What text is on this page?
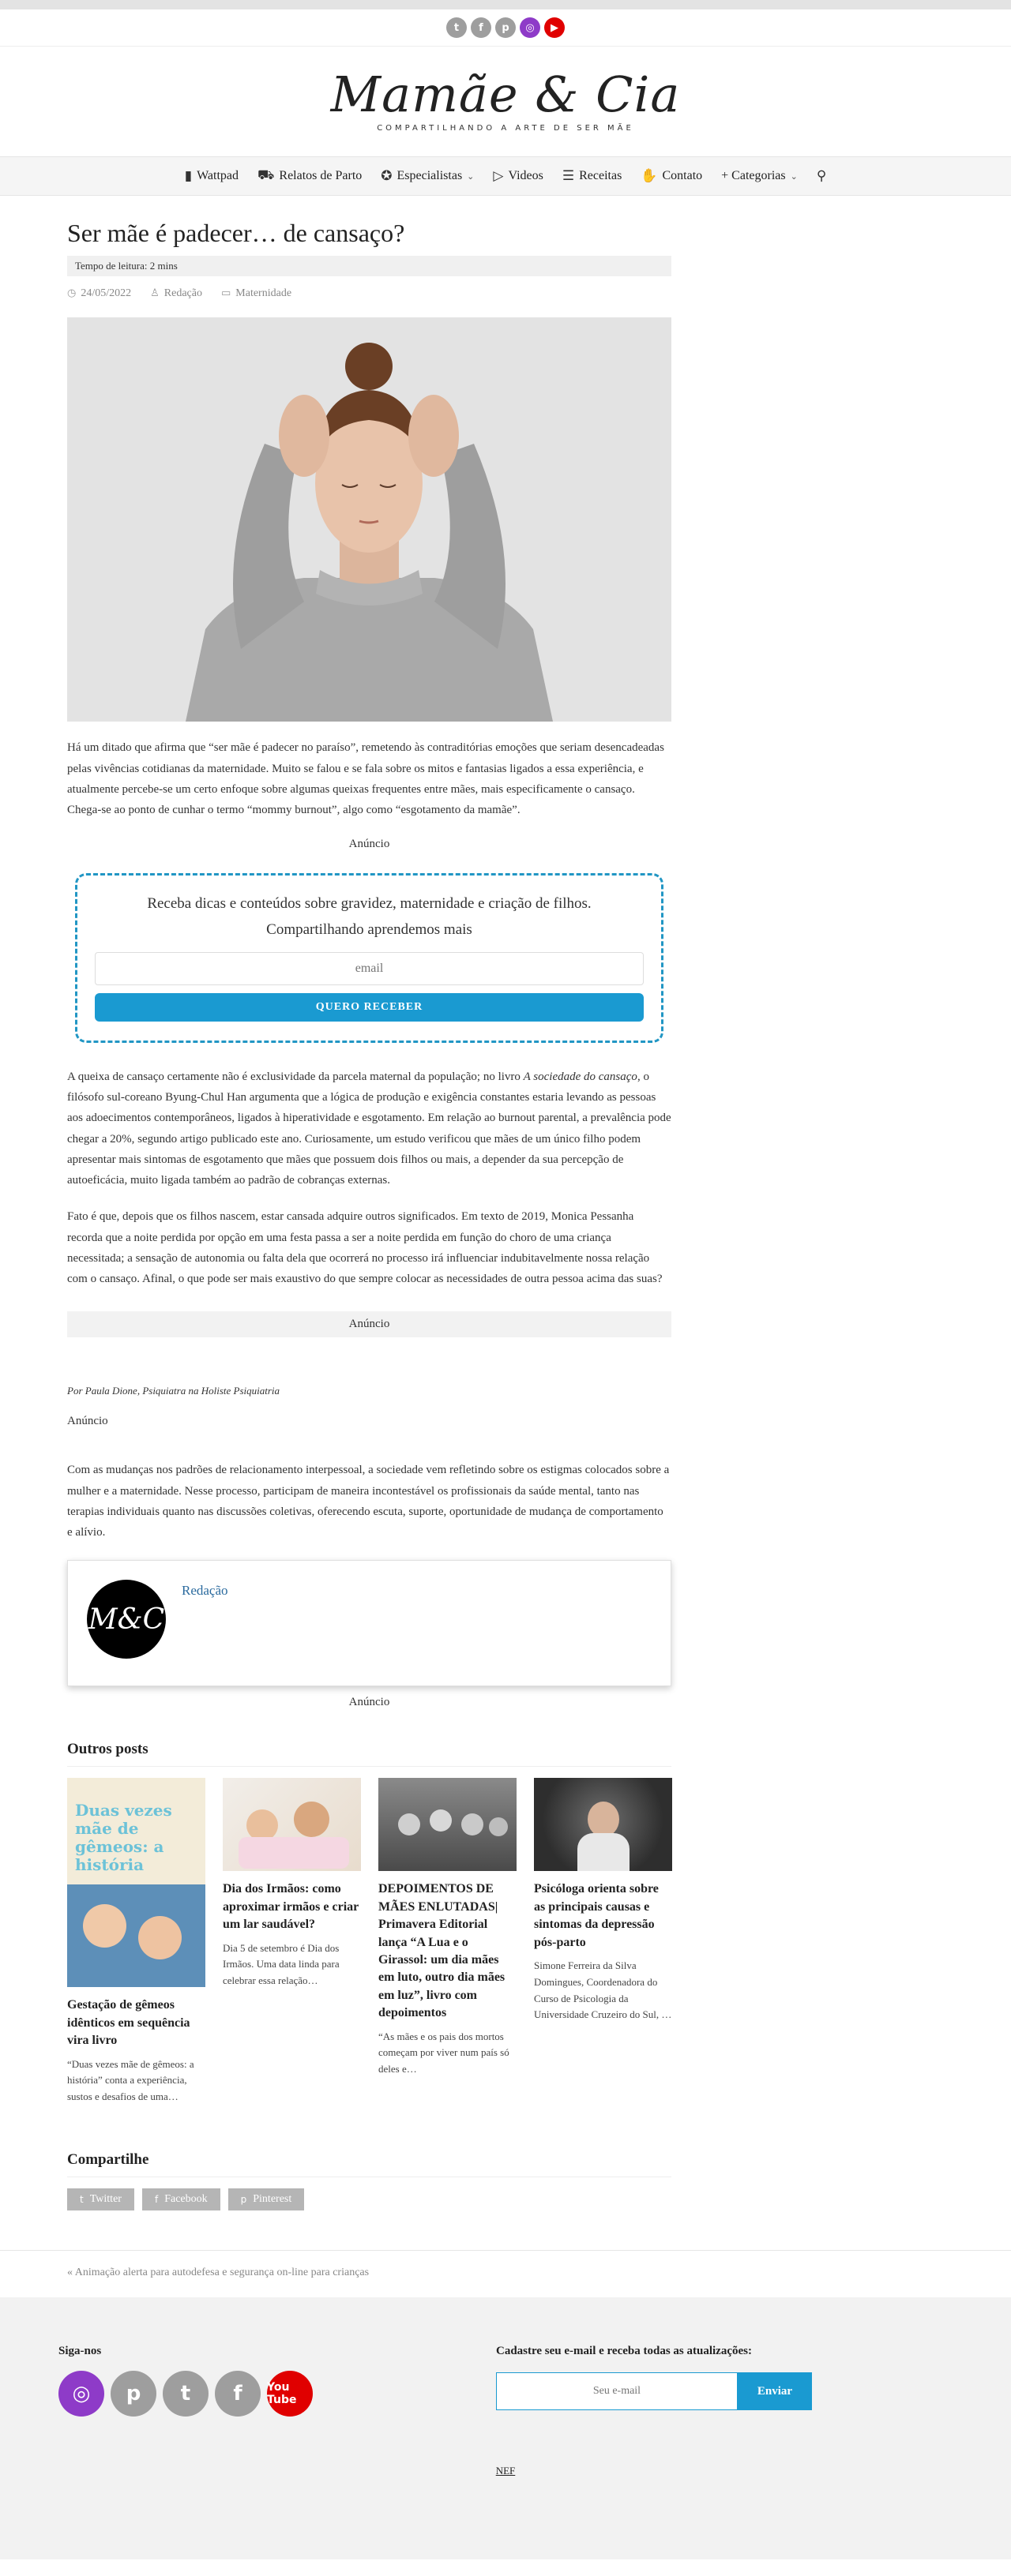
t	f	p	◎	▶
Mamãe & Cia
COMPARTILHANDO A ARTE DE SER MÃE
▮ Wattpad ⛟ Relatos de Parto ✪ Especialistas ⌄ ▷ Videos ☰ Receitas ✋ Contato + Categorias ⌄ ⚲
Ser mãe é padecer… de cansaço?
Tempo de leitura: 2 mins
◷ 24/05/2022 ♙ Redação ▭ Maternidade

Há um ditado que afirma que “ser mãe é padecer no paraíso”, remetendo às contraditórias emoções que seriam desencadeadas pelas vivências cotidianas da maternidade. Muito se falou e se fala sobre os mitos e fantasias ligados a essa experiência, e atualmente percebe-se um certo enfoque sobre algumas queixas frequentes entre mães, mais especificamente o cansaço. Chega-se ao ponto de cunhar o termo “mommy burnout”, algo como “esgotamento da mamãe”.

Anúncio
Receba dicas e conteúdos sobre gravidez, maternidade e criação de filhos.
Compartilhando aprendemos mais
email QUERO RECEBER

A queixa de cansaço certamente não é exclusividade da parcela maternal da população; no livro A sociedade do cansaço, o filósofo sul-coreano Byung-Chul Han argumenta que a lógica de produção e exigência constantes estaria levando as pessoas aos adoecimentos contemporâneos, ligados à hiperatividade e esgotamento. Em relação ao burnout parental, a prevalência pode chegar a 20%, segundo artigo publicado este ano. Curiosamente, um estudo verificou que mães de um único filho podem apresentar mais sintomas de esgotamento que mães que possuem dois filhos ou mais, a depender da sua percepção de autoeficácia, muito ligada também ao padrão de cobranças externas.

Fato é que, depois que os filhos nascem, estar cansada adquire outros significados. Em texto de 2019, Monica Pessanha recorda que a noite perdida por opção em uma festa passa a ser a noite perdida em função do choro de uma criança necessitada; a sensação de autonomia ou falta dela que ocorrerá no processo irá influenciar indubitavelmente nossa relação com o cansaço. Afinal, o que pode ser mais exaustivo do que sempre colocar as necessidades de outra pessoa acima das suas?

Anúncio

Por Paula Dione, Psiquiatra na Holiste Psiquiatria

Anúncio

Com as mudanças nos padrões de relacionamento interpessoal, a sociedade vem refletindo sobre os estigmas colocados sobre a mulher e a maternidade. Nesse processo, participam de maneira incontestável os profissionais da saúde mental, tanto nas terapias individuais quanto nas discussões coletivas, oferecendo escuta, suporte, oportunidade de mudança de comportamento e alívio.

M&C
Redação
Anúncio
Outros posts
Duas vezes mãe de gêmeos: a história
Gestação de gêmeos idênticos em sequência vira livro
“Duas vezes mãe de gêmeos: a história” conta a experiência, sustos e desafios de uma…
Dia dos Irmãos: como aproximar irmãos e criar um lar saudável?
Dia 5 de setembro é Dia dos Irmãos. Uma data linda para celebrar essa relação…
DEPOIMENTOS DE MÃES ENLUTADAS| Primavera Editorial lança “A Lua e o Girassol: um dia mães em luto, outro dia mães em luz”, livro com depoimentos
“As mães e os pais dos mortos começam por viver num país só deles e…
Psicóloga orienta sobre as principais causas e sintomas da depressão pós-parto
Simone Ferreira da Silva Domingues, Coordenadora do Curso de Psicologia da Universidade Cruzeiro do Sul, …
Compartilhe
t Twitter	f Facebook	p Pinterest
« Animação alerta para autodefesa e segurança on-line para crianças
Siga-nos
◎	p	t	f	You Tube
Cadastre seu e-mail e receba todas as atualizações:
Seu e-mail
Enviar
NEF
